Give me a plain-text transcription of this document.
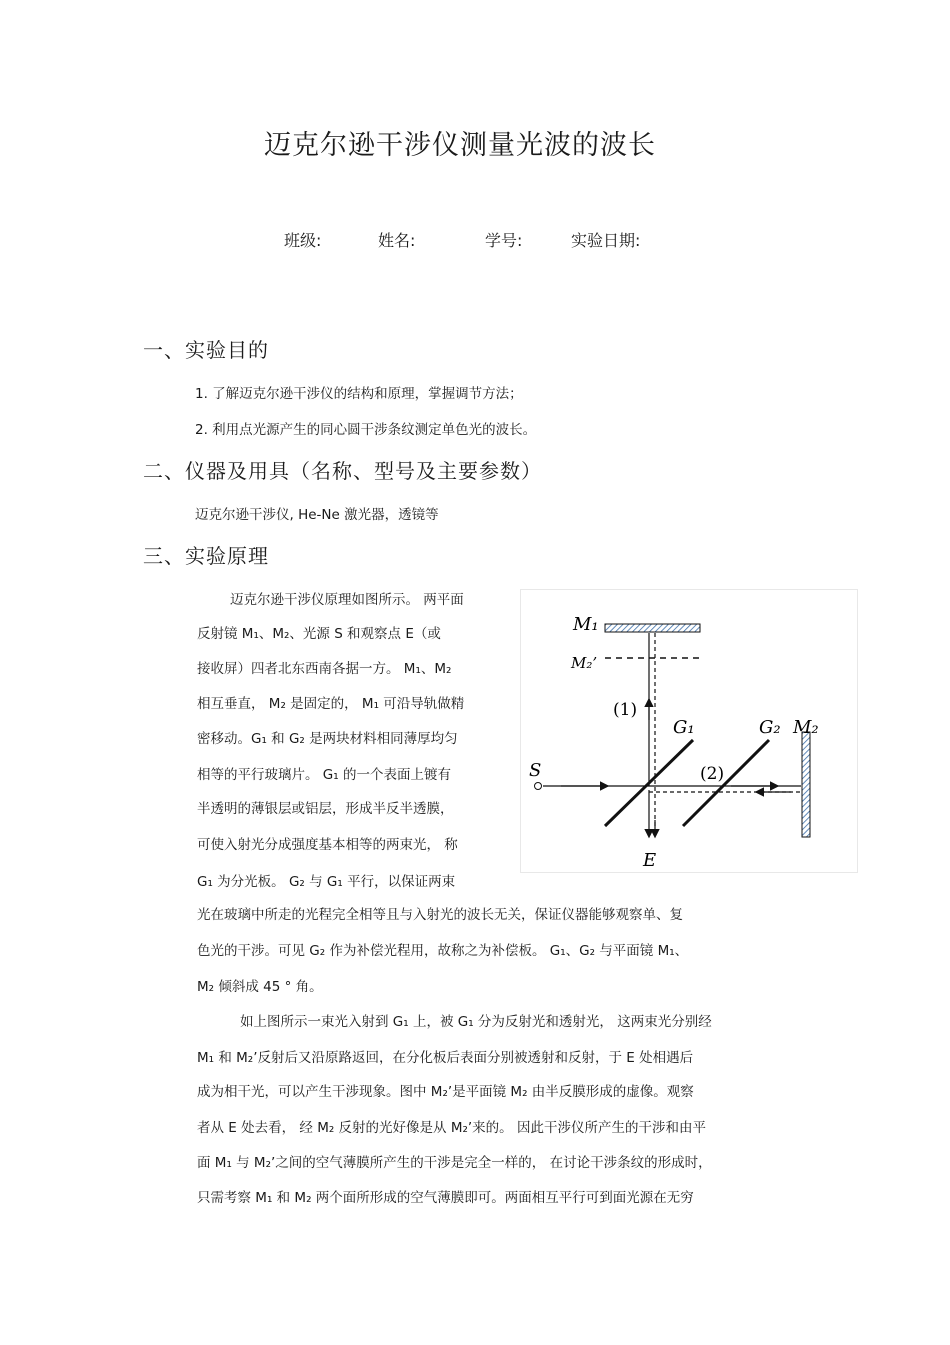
迈克尔逊干涉仪测量光波的波长
班级:	姓名:	学号:	实验日期:
一、实验目的
1. 了解迈克尔逊干涉仪的结构和原理，掌握调节方法；
2. 利用点光源产生的同心圆干涉条纹测定单色光的波长。
二、仪器及用具（名称、型号及主要参数）
迈克尔逊干涉仪, He-Ne 激光器，透镜等
三、实验原理
迈克尔逊干涉仪原理如图所示。 两平面
反射镜 M₁、M₂、光源 S 和观察点 E（或
接收屏）四者北东西南各据一方。 M₁、M₂
相互垂直， M₂ 是固定的， M₁ 可沿导轨做精
密移动。G₁ 和 G₂ 是两块材料相同薄厚均匀
相等的平行玻璃片。 G₁ 的一个表面上镀有
半透明的薄银层或铝层，形成半反半透膜，
可使入射光分成强度基本相等的两束光， 称
G₁ 为分光板。 G₂ 与 G₁ 平行，以保证两束
光在玻璃中所走的光程完全相等且与入射光的波长无关，保证仪器能够观察单、复
色光的干涉。可见 G₂ 作为补偿光程用，故称之为补偿板。 G₁、G₂ 与平面镜 M₁、
M₂ 倾斜成 45 ° 角。
如上图所示一束光入射到 G₁ 上，被 G₁ 分为反射光和透射光， 这两束光分别经
M₁ 和 M₂’反射后又沿原路返回，在分化板后表面分别被透射和反射，于 E 处相遇后
成为相干光，可以产生干涉现象。图中 M₂’是平面镜 M₂ 由半反膜形成的虚像。观察
者从 E 处去看， 经 M₂ 反射的光好像是从 M₂’来的。 因此干涉仪所产生的干涉和由平
面 M₁ 与 M₂’之间的空气薄膜所产生的干涉是完全一样的， 在讨论干涉条纹的形成时，
只需考察 M₁ 和 M₂ 两个面所形成的空气薄膜即可。两面相互平行可到面光源在无穷
M₁
M₂’
(1)
G₁	G₂ M₂
(2)
S
E
